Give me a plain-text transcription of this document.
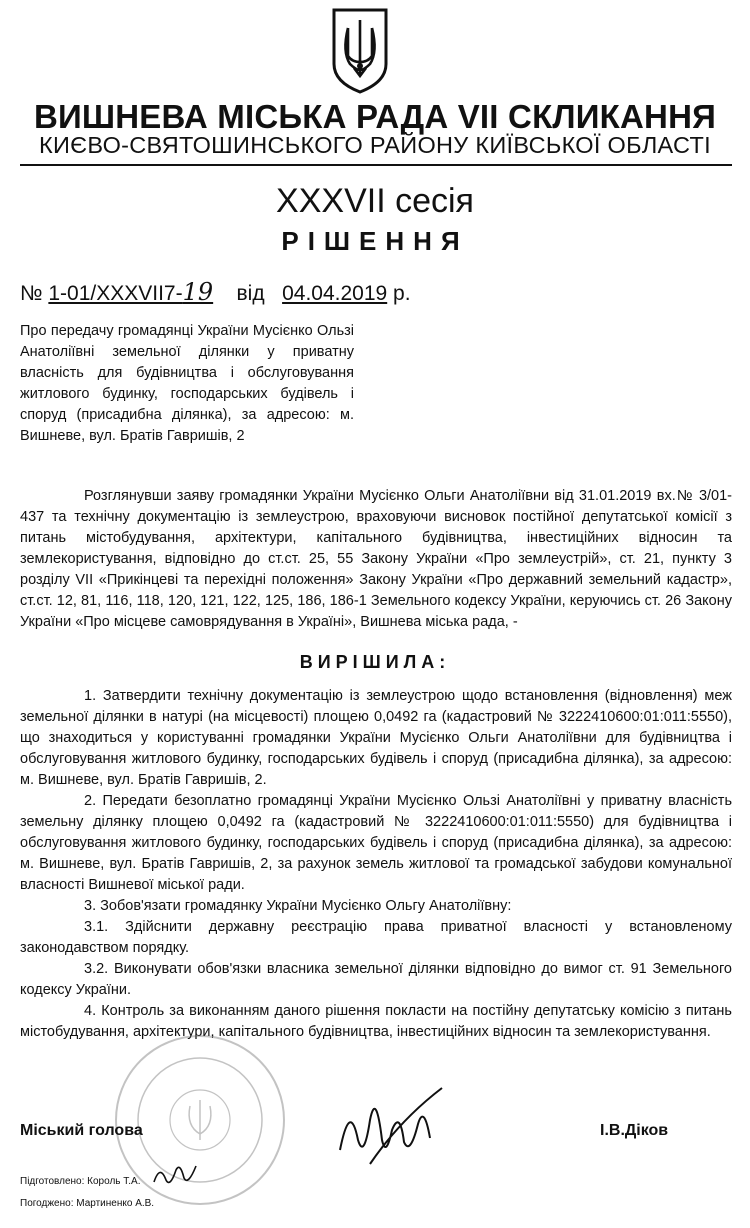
ВИШНЕВА МІСЬКА РАДА VII СКЛИКАННЯ
КИЄВО-СВЯТОШИНСЬКОГО РАЙОНУ КИЇВСЬКОЇ ОБЛАСТІ
XXXVII сесія
РІШЕННЯ
№ 1-01/XXXVII7-19 від 04.04.2019 р.
Про передачу громадянці України Мусієнко Ользі Анатоліївні земельної ділянки у приватну власність для будівництва і обслуговування житлового будинку, господарських будівель і споруд (присадибна ділянка), за адресою: м. Вишневе, вул. Братів Гавришів, 2

Розглянувши заяву громадянки України Мусієнко Ольги Анатоліївни від 31.01.2019 вх.№ 3/01-437 та технічну документацію із землеустрою, враховуючи висновок постійної депутатської комісії з питань містобудування, архітектури, капітального будівництва, інвестиційних відносин та землекористування, відповідно до ст.ст. 25, 55 Закону України «Про землеустрій», ст. 21, пункту 3 розділу VII «Прикінцеві та перехідні положення» Закону України «Про державний земельний кадастр», ст.ст. 12, 81, 116, 118, 120, 121, 122, 125, 186, 186-1 Земельного кодексу України, керуючись ст. 26 Закону України «Про місцеве самоврядування в Україні», Вишнева міська рада, -

ВИРІШИЛА:

1. Затвердити технічну документацію із землеустрою щодо встановлення (відновлення) меж земельної ділянки в натурі (на місцевості) площею 0,0492 га (кадастровий № 3222410600:01:011:5550), що знаходиться у користуванні громадянки України Мусієнко Ольги Анатоліївни для будівництва і обслуговування житлового будинку, господарських будівель і споруд (присадибна ділянка), за адресою: м. Вишневе, вул. Братів Гавришів, 2.

2. Передати безоплатно громадянці України Мусієнко Ользі Анатоліївні у приватну власність земельну ділянку площею 0,0492 га (кадастровий № 3222410600:01:011:5550) для будівництва і обслуговування житлового будинку, господарських будівель і споруд (присадибна ділянка), за адресою: м. Вишневе, вул. Братів Гавришів, 2, за рахунок земель житлової та громадської забудови комунальної власності Вишневої міської ради.

3. Зобов'язати громадянку України Мусієнко Ольгу Анатоліївну:

3.1. Здійснити державну реєстрацію права приватної власності у встановленому законодавством порядку.

3.2. Виконувати обов'язки власника земельної ділянки відповідно до вимог ст. 91 Земельного кодексу України.

4. Контроль за виконанням даного рішення покласти на постійну депутатську комісію з питань містобудування, архітектури, капітального будівництва, інвестиційних відносин та землекористування.

Міський голова	І.В.Діков
Підготовлено: Король Т.А.
Погоджено: Мартиненко А.В.
